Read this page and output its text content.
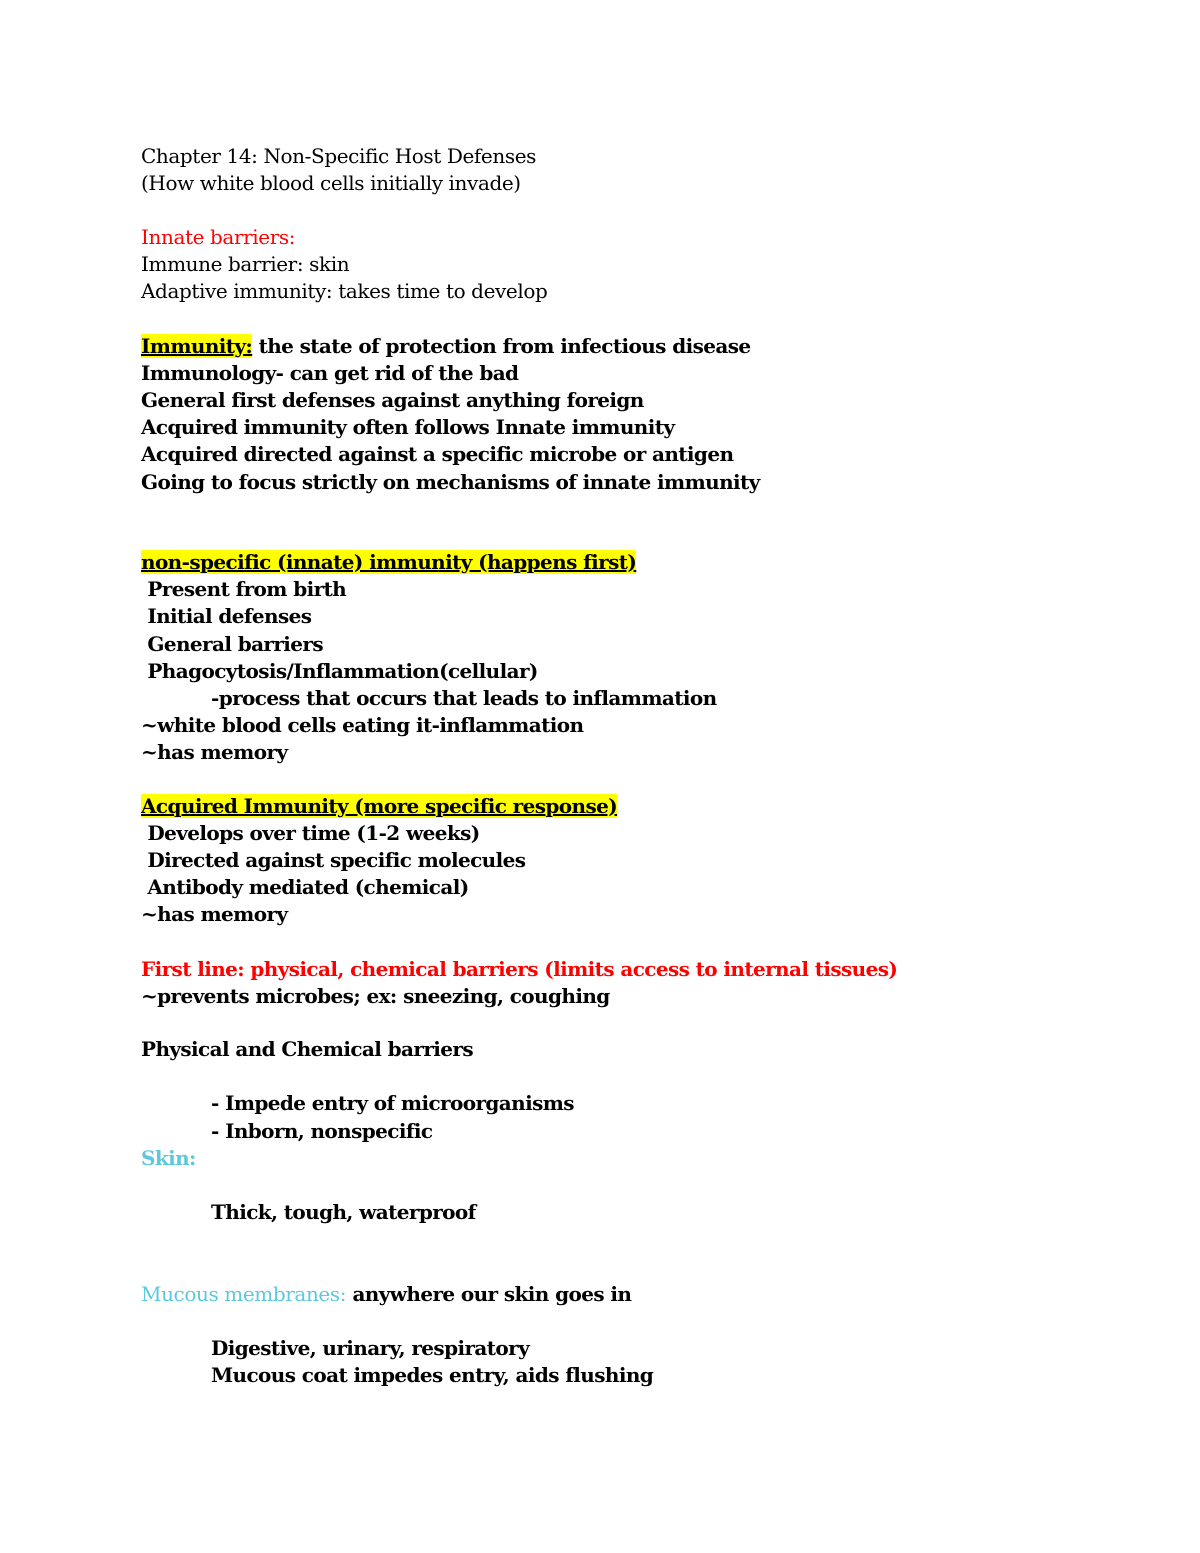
Chapter 14: Non-Specific Host Defenses
(How white blood cells initially invade)
Innate barriers:
Immune barrier: skin
Adaptive immunity: takes time to develop
Immunity: the state of protection from infectious disease
Immunology- can get rid of the bad
General first defenses against anything foreign
Acquired immunity often follows Innate immunity
Acquired directed against a specific microbe or antigen
Going to focus strictly on mechanisms of innate immunity
non-specific (innate) immunity (happens first)
Present from birth
Initial defenses
General barriers
Phagocytosis/Inflammation(cellular)
-process that occurs that leads to inflammation
~white blood cells eating it-inflammation
~has memory
Acquired Immunity (more specific response)
Develops over time (1-2 weeks)
Directed against specific molecules
Antibody mediated (chemical)
~has memory
First line: physical, chemical barriers (limits access to internal tissues)
~prevents microbes; ex: sneezing, coughing
Physical and Chemical barriers
- Impede entry of microorganisms
- Inborn, nonspecific
Skin:
Thick, tough, waterproof
Mucous membranes: anywhere our skin goes in
Digestive, urinary, respiratory
Mucous coat impedes entry, aids flushing
